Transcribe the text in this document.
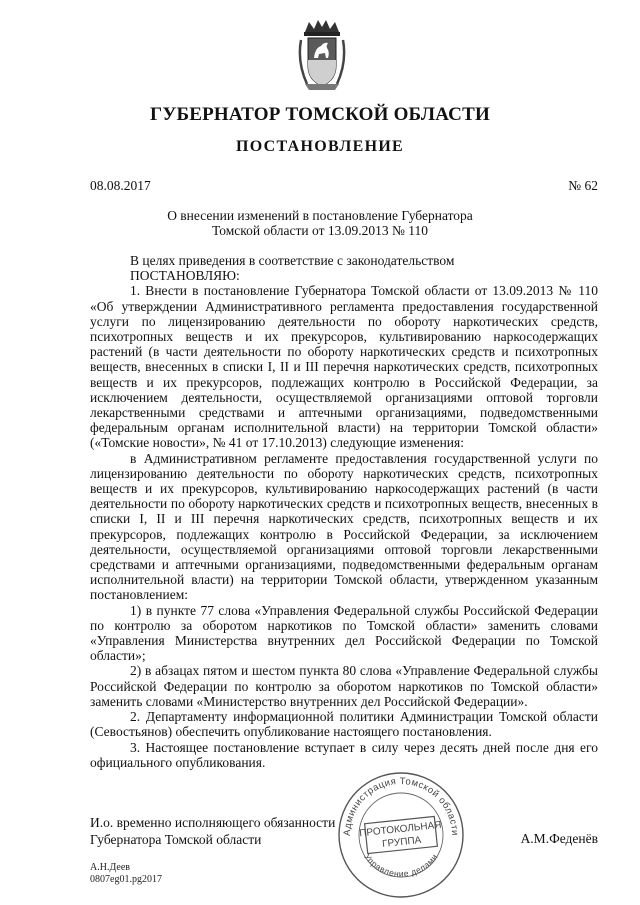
ГУБЕРНАТОР ТОМСКОЙ ОБЛАСТИ
ПОСТАНОВЛЕНИЕ
08.08.2017	№ 62
О внесении изменений в постановление Губернатора
Томской области от 13.09.2013 № 110

В целях приведения в соответствие с законодательством

ПОСТАНОВЛЯЮ:

1. Внести в постановление Губернатора Томской области от 13.09.2013 № 110 «Об утверждении Административного регламента предоставления государственной услуги по лицензированию деятельности по обороту наркотических средств, психотропных веществ и их прекурсоров, культивированию наркосодержащих растений (в части деятельности по обороту наркотических средств и психотропных веществ, внесенных в списки I, II и III перечня наркотических средств, психотропных веществ и их прекурсоров, подлежащих контролю в Российской Федерации, за исключением деятельности, осуществляемой организациями оптовой торговли лекарственными средствами и аптечными организациями, подведомственными федеральным органам исполнительной власти) на территории Томской области» («Томские новости», № 41 от 17.10.2013) следующие изменения:

в Административном регламенте предоставления государственной услуги по лицензированию деятельности по обороту наркотических средств, психотропных веществ и их прекурсоров, культивированию наркосодержащих растений (в части деятельности по обороту наркотических средств и психотропных веществ, внесенных в списки I, II и III перечня наркотических средств, психотропных веществ и их прекурсоров, подлежащих контролю в Российской Федерации, за исключением деятельности, осуществляемой организациями оптовой торговли лекарственными средствами и аптечными организациями, подведомственными федеральным органам исполнительной власти) на территории Томской области, утвержденном указанным постановлением:

1) в пункте 77 слова «Управления Федеральной службы Российской Федерации по контролю за оборотом наркотиков по Томской области» заменить словами «Управления Министерства внутренних дел Российской Федерации по Томской области»;

2) в абзацах пятом и шестом пункта 80 слова «Управление Федеральной службы Российской Федерации по контролю за оборотом наркотиков по Томской области» заменить словами «Министерство внутренних дел Российской Федерации».

2. Департаменту информационной политики Администрации Томской области (Севостьянов) обеспечить опубликование настоящего постановления.

3. Настоящее постановление вступает в силу через десять дней после дня его официального опубликования.

И.о. временно исполняющего обязанности
Губернатора Томской области	А.М.Феденёв
Администрация Томской области
Управление делами
ПРОТОКОЛЬНАЯ
ГРУППА
А.Н.Деев
0807eg01.pg2017
